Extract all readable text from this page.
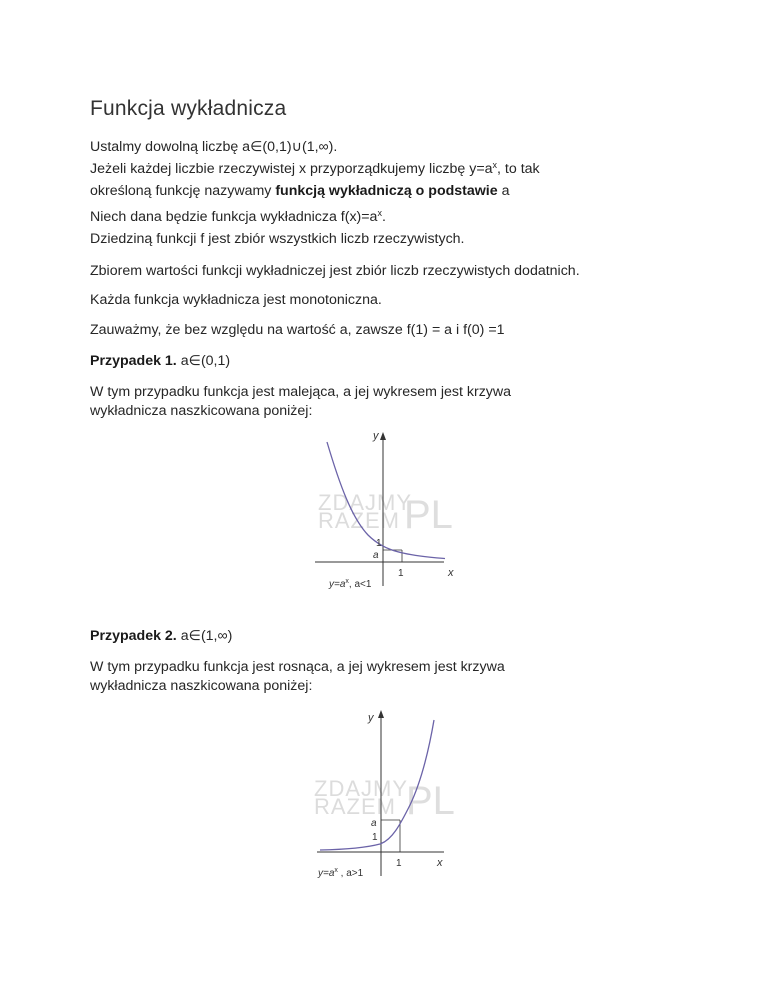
Funkcja wykładnicza
Ustalmy dowolną liczbę a∈(0,1)∪(1,∞).
Jeżeli każdej liczbie rzeczywistej x przyporządkujemy liczbę $y=a^x$, to tak
określoną funkcję nazywamy funkcją wykładniczą o podstawie a
Niech dana będzie funkcja wykładnicza $f(x)=a^x$.
Dziedziną funkcji f jest zbiór wszystkich liczb rzeczywistych.
Zbiorem wartości funkcji wykładniczej jest zbiór liczb rzeczywistych dodatnich.
Każda funkcja wykładnicza jest monotoniczna.
Zauważmy, że bez względu na wartość a, zawsze f(1) = a i f(0) =1
Przypadek 1. a∈(0,1)
W tym przypadku funkcja jest malejąca, a jej wykresem jest krzywa
wykładnicza naszkicowana poniżej:
ZDAJMY
RAZEM PL
y
x
1
a
1
$y=a^x$, a<1
Przypadek 2. a∈(1,∞)
W tym przypadku funkcja jest rosnąca, a jej wykresem jest krzywa
wykładnicza naszkicowana poniżej:
ZDAJMY
RAZEM PL
y
x
a
1
1
$y=a^x$ , a>1
